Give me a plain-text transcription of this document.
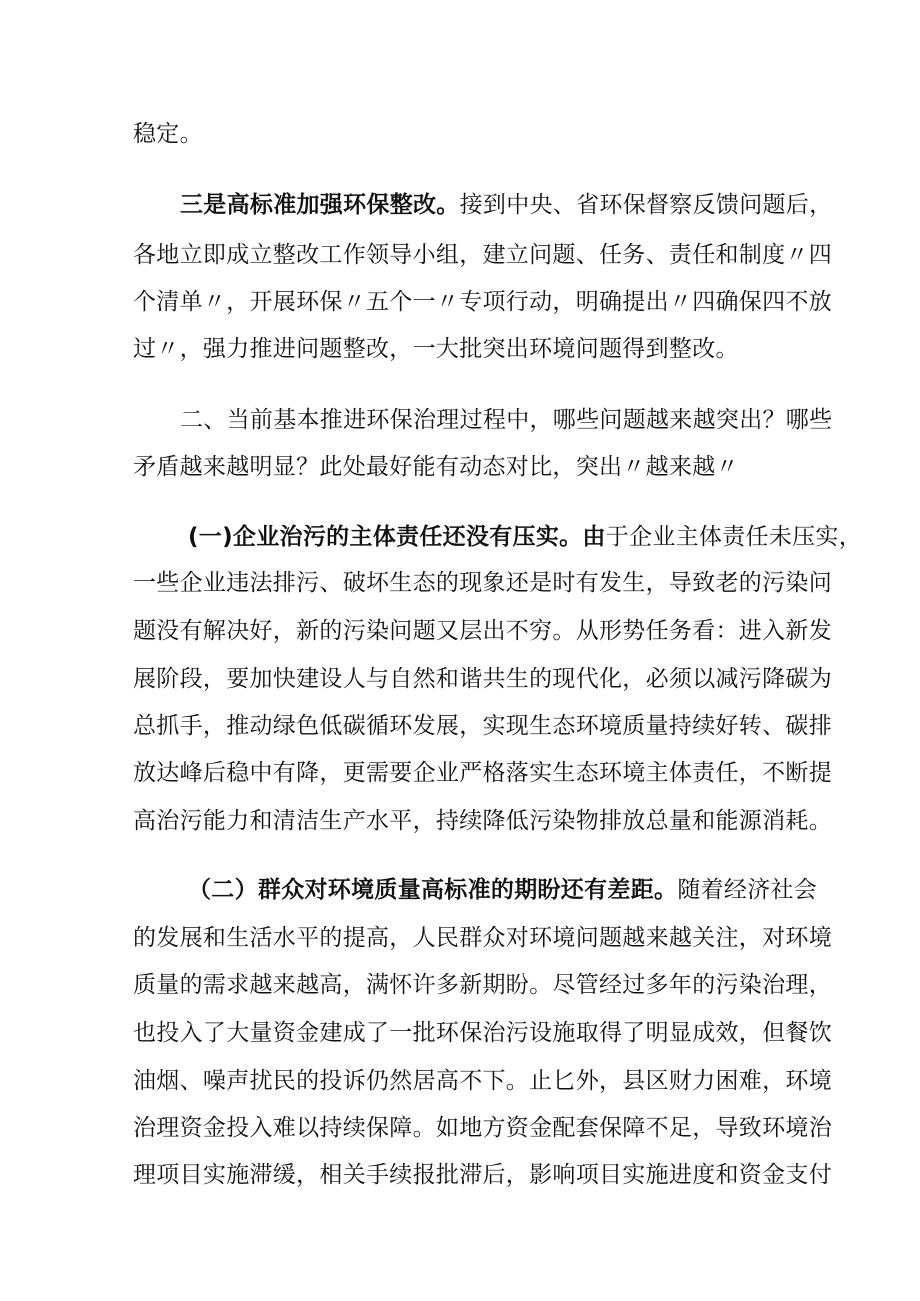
稳定。
三是高标准加强环保整改。接到中央、省环保督察反馈问题后，
各地立即成立整改工作领导小组，建立问题、任务、责任和制度〃四
个清单〃，开展环保〃五个一〃专项行动，明确提出〃四确保四不放
过〃，强力推进问题整改，一大批突出环境问题得到整改。
二、当前基本推进环保治理过程中，哪些问题越来越突出？哪些
矛盾越来越明显？此处最好能有动态对比，突出〃越来越〃
(一)企业治污的主体责任还没有压实。由于企业主体责任未压实，
一些企业违法排污、破坏生态的现象还是时有发生，导致老的污染问
题没有解决好，新的污染问题又层出不穷。从形势任务看：进入新发
展阶段，要加快建设人与自然和谐共生的现代化，必须以减污降碳为
总抓手，推动绿色低碳循环发展，实现生态环境质量持续好转、碳排
放达峰后稳中有降，更需要企业严格落实生态环境主体责任，不断提
高治污能力和清洁生产水平，持续降低污染物排放总量和能源消耗。
（二）群众对环境质量高标准的期盼还有差距。随着经济社会
的发展和生活水平的提高，人民群众对环境问题越来越关注，对环境
质量的需求越来越高，满怀许多新期盼。尽管经过多年的污染治理，
也投入了大量资金建成了一批环保治污设施取得了明显成效，但餐饮
油烟、噪声扰民的投诉仍然居高不下。止匕外，县区财力困难，环境
治理资金投入难以持续保障。如地方资金配套保障不足，导致环境治
理项目实施滞缓，相关手续报批滞后，影响项目实施进度和资金支付
